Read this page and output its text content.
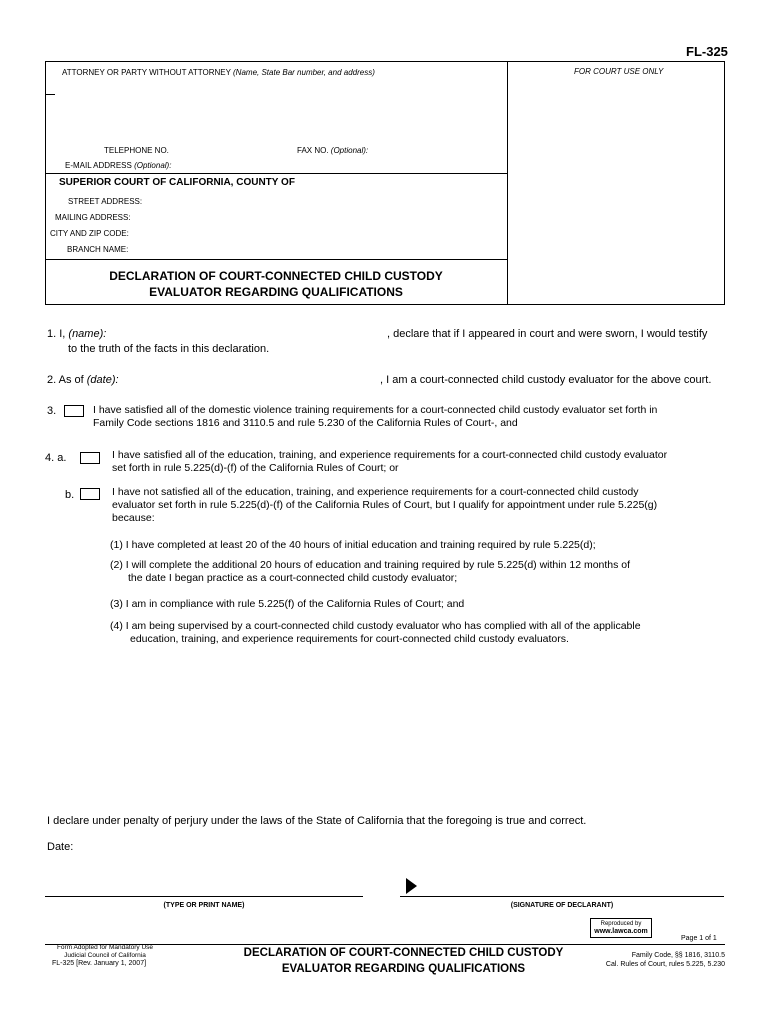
FL-325
FOR COURT USE ONLY
ATTORNEY OR PARTY WITHOUT ATTORNEY (Name, State Bar number, and address)
TELEPHONE NO.	FAX NO. (Optional):
E-MAIL ADDRESS (Optional):
SUPERIOR COURT OF CALIFORNIA, COUNTY OF
STREET ADDRESS:
MAILING ADDRESS:
CITY AND ZIP CODE:
BRANCH NAME:
DECLARATION OF COURT-CONNECTED CHILD CUSTODY
EVALUATOR REGARDING QUALIFICATIONS
1. I, (name):	, declare that if I appeared in court and were sworn, I would testify
to the truth of the facts in this declaration.
2. As of (date):	, I am a court-connected child custody evaluator for the above court.
3.	I have satisfied all of the domestic violence training requirements for a court-connected child custody evaluator set forth in
Family Code sections 1816 and 3110.5 and rule 5.230 of the California Rules of Court-, and
4. a.	I have satisfied all of the education, training, and experience requirements for a court-connected child custody evaluator
set forth in rule 5.225(d)-(f) of the California Rules of Court; or
b.	I have not satisfied all of the education, training, and experience requirements for a court-connected child custody
evaluator set forth in rule 5.225(d)-(f) of the California Rules of Court, but I qualify for appointment under rule 5.225(g)
because:
(1) I have completed at least 20 of the 40 hours of initial education and training required by rule 5.225(d);
(2) I will complete the additional 20 hours of education and training required by rule 5.225(d) within 12 months of
the date I began practice as a court-connected child custody evaluator;
(3) I am in compliance with rule 5.225(f) of the California Rules of Court; and
(4) I am being supervised by a court-connected child custody evaluator who has complied with all of the applicable
education, training, and experience requirements for court-connected child custody evaluators.
I declare under penalty of perjury under the laws of the State of California that the foregoing is true and correct.
Date:
(TYPE OR PRINT NAME)	(SIGNATURE OF DECLARANT)
Reproduced by
www.lawca.com
Page 1 of 1
Form Adopted for Mandatory Use
Judicial Council of California
FL-325 [Rev. January 1, 2007]
DECLARATION OF COURT-CONNECTED CHILD CUSTODY
EVALUATOR REGARDING QUALIFICATIONS
Family Code, §§ 1816, 3110.5
Cal. Rules of Court, rules 5.225, 5.230
